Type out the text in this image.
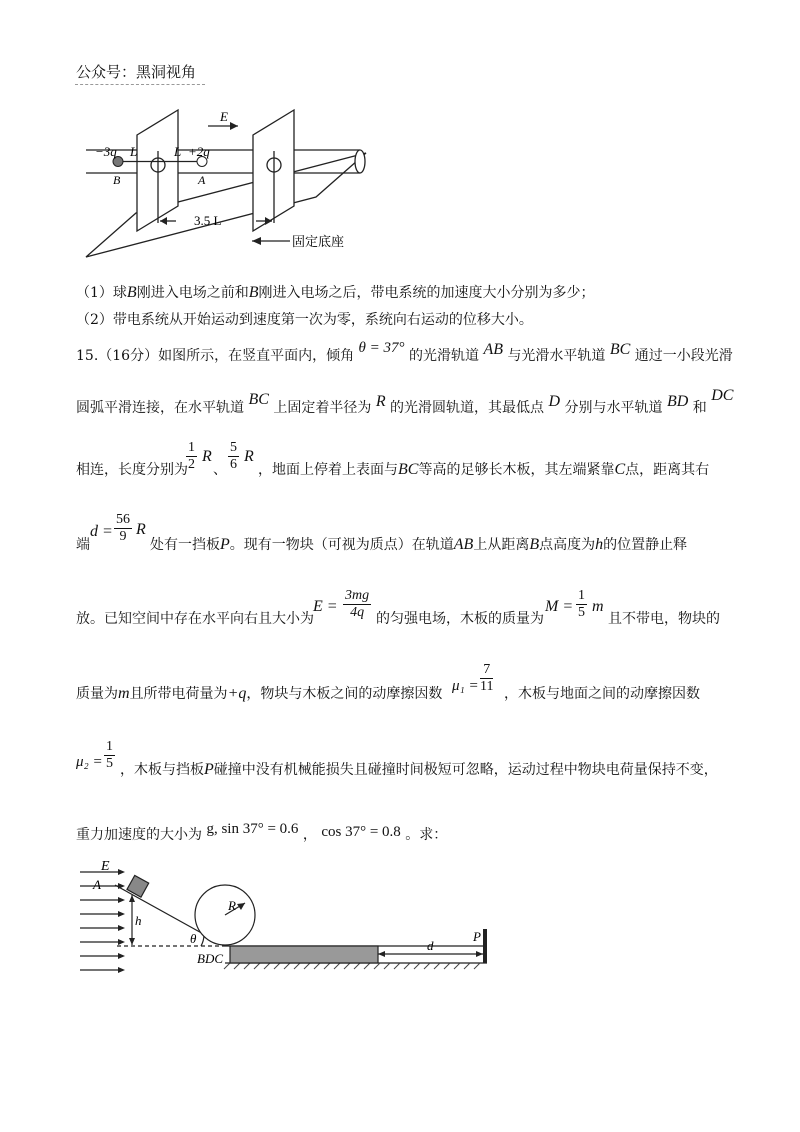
公众号：黑洞视角
E
−3q L	L +2q
B	A
3.5 L
固定底座
（1）球B刚进入电场之前和B刚进入电场之后，带电系统的加速度大小分别为多少；
（2）带电系统从开始运动到速度第一次为零，系统向右运动的位移大小。
15.（16分）如图所示，在竖直平面内，倾角 θ = 37° 的光滑轨道 AB 与光滑水平轨道 BC 通过一小段光滑
圆弧平滑连接，在水平轨道 BC 上固定着半径为 R 的光滑圆轨道，其最低点 D 分别与水平轨道 BD 和 DC
相连，长度分别为
$\frac{1}{2}$ R
、 $\frac{5}{6}$ R
，地面上停着上表面与BC等高的足够长木板，其左端紧靠C点，距离其右
端
$d = \frac{56}{9}$ R
处有一挡板P。现有一物块（可视为质点）在轨道AB上从距离B点高度为h的位置静止释
放。已知空间中存在水平向右且大小为
$E = \frac{3mg}{4q}$ 的匀强电场，木板的质量为
$M = \frac{1}{5}$ m
且不带电，物块的
质量为m且所带电荷量为+q，物块与木板之间的动摩擦因数 $\mu_1 = \frac{7}{11}$ ，木板与地面之间的动摩擦因数
$\mu_2 = \frac{1}{5}$ ，木板与挡板P碰撞中没有机械能损失且碰撞时间极短可忽略，运动过程中物块电荷量保持不变，
重力加速度的大小为 g, sin 37° = 0.6 ， cos 37° = 0.8 。求：
E
A
h
θ
R
BDC
d
P
